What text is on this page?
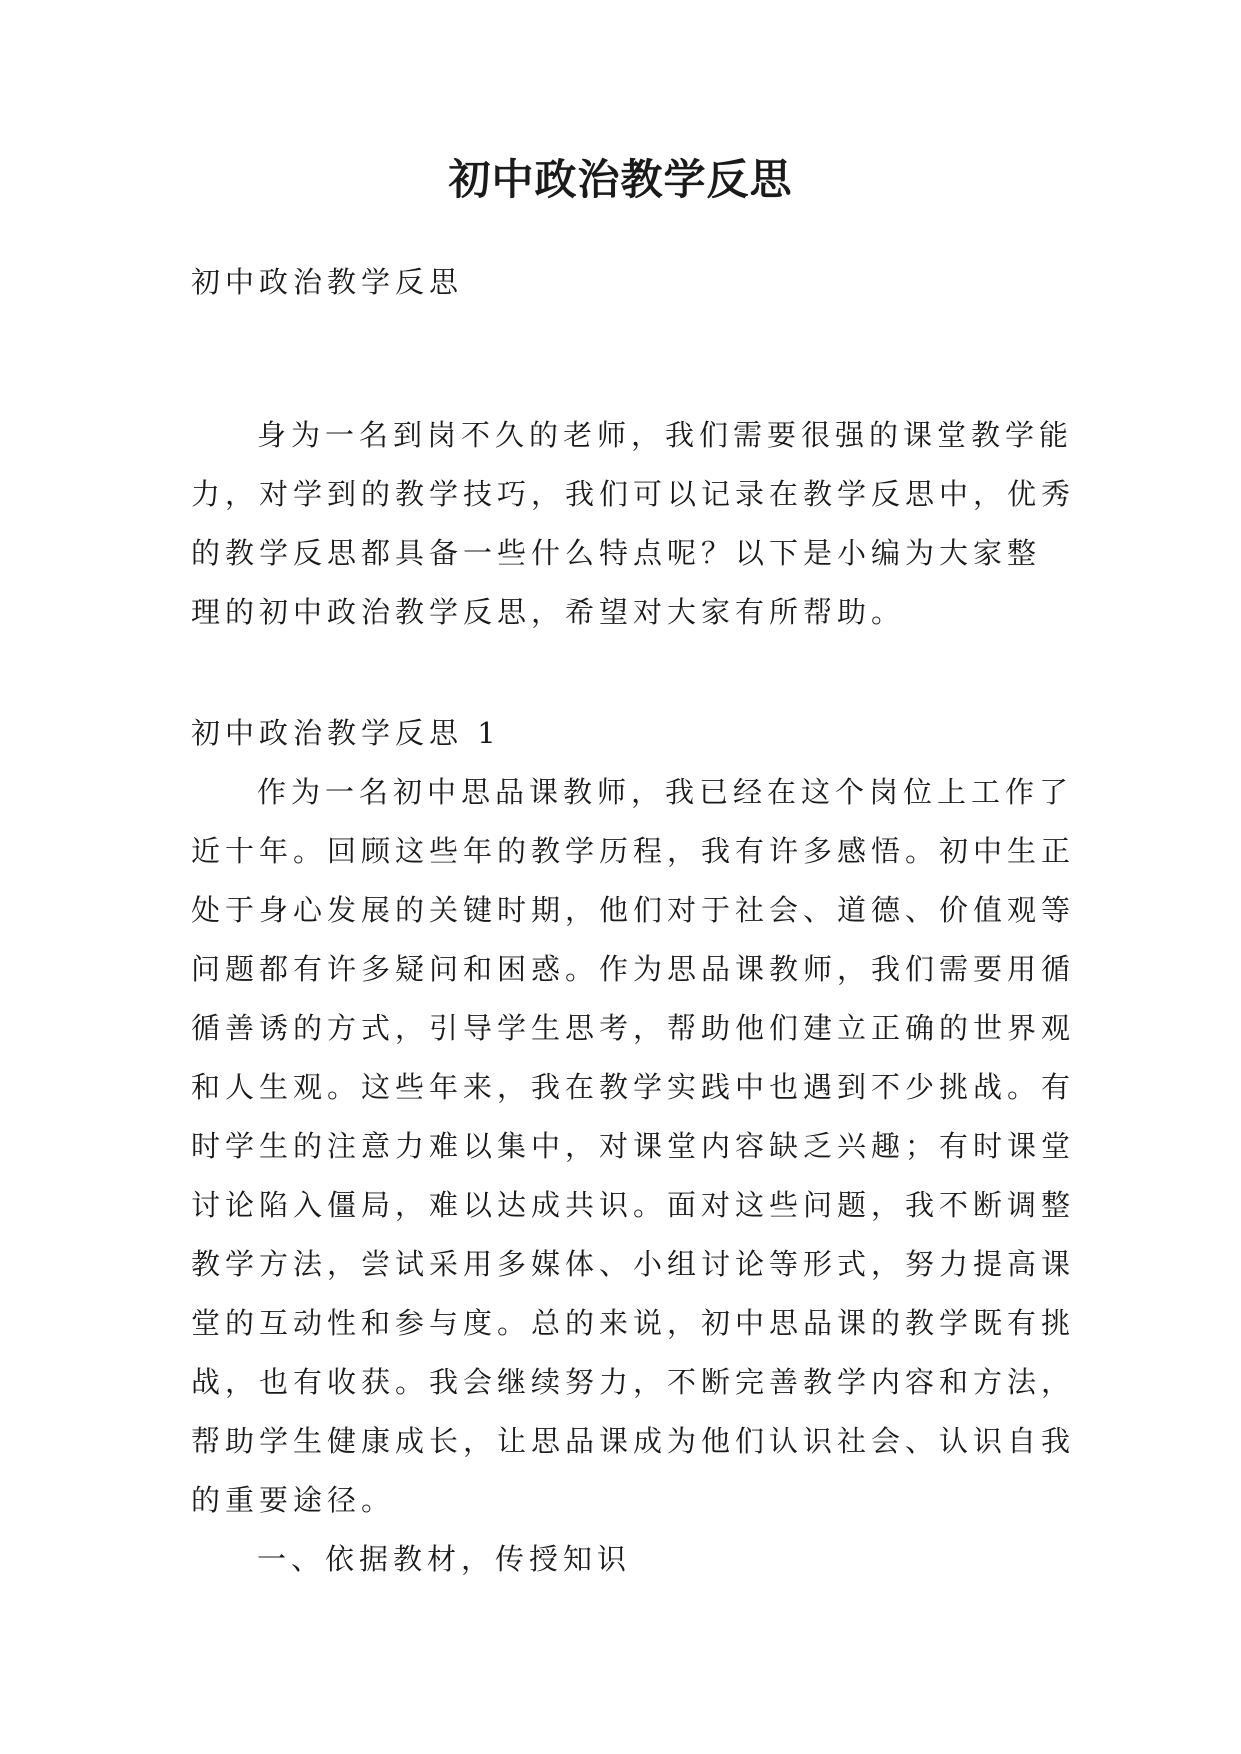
初中政治教学反思

初中政治教学反思

身为一名到岗不久的老师，我们需要很强的课堂教学能
力，对学到的教学技巧，我们可以记录在教学反思中，优秀
的教学反思都具备一些什么特点呢？以下是小编为大家整
理的初中政治教学反思，希望对大家有所帮助。
初中政治教学反思 1
作为一名初中思品课教师，我已经在这个岗位上工作了
近十年。回顾这些年的教学历程，我有许多感悟。初中生正
处于身心发展的关键时期，他们对于社会、道德、价值观等
问题都有许多疑问和困惑。作为思品课教师，我们需要用循
循善诱的方式，引导学生思考，帮助他们建立正确的世界观
和人生观。这些年来，我在教学实践中也遇到不少挑战。有
时学生的注意力难以集中，对课堂内容缺乏兴趣；有时课堂
讨论陷入僵局，难以达成共识。面对这些问题，我不断调整
教学方法，尝试采用多媒体、小组讨论等形式，努力提高课
堂的互动性和参与度。总的来说，初中思品课的教学既有挑
战，也有收获。我会继续努力，不断完善教学内容和方法，
帮助学生健康成长，让思品课成为他们认识社会、认识自我
的重要途径。
一、依据教材，传授知识
